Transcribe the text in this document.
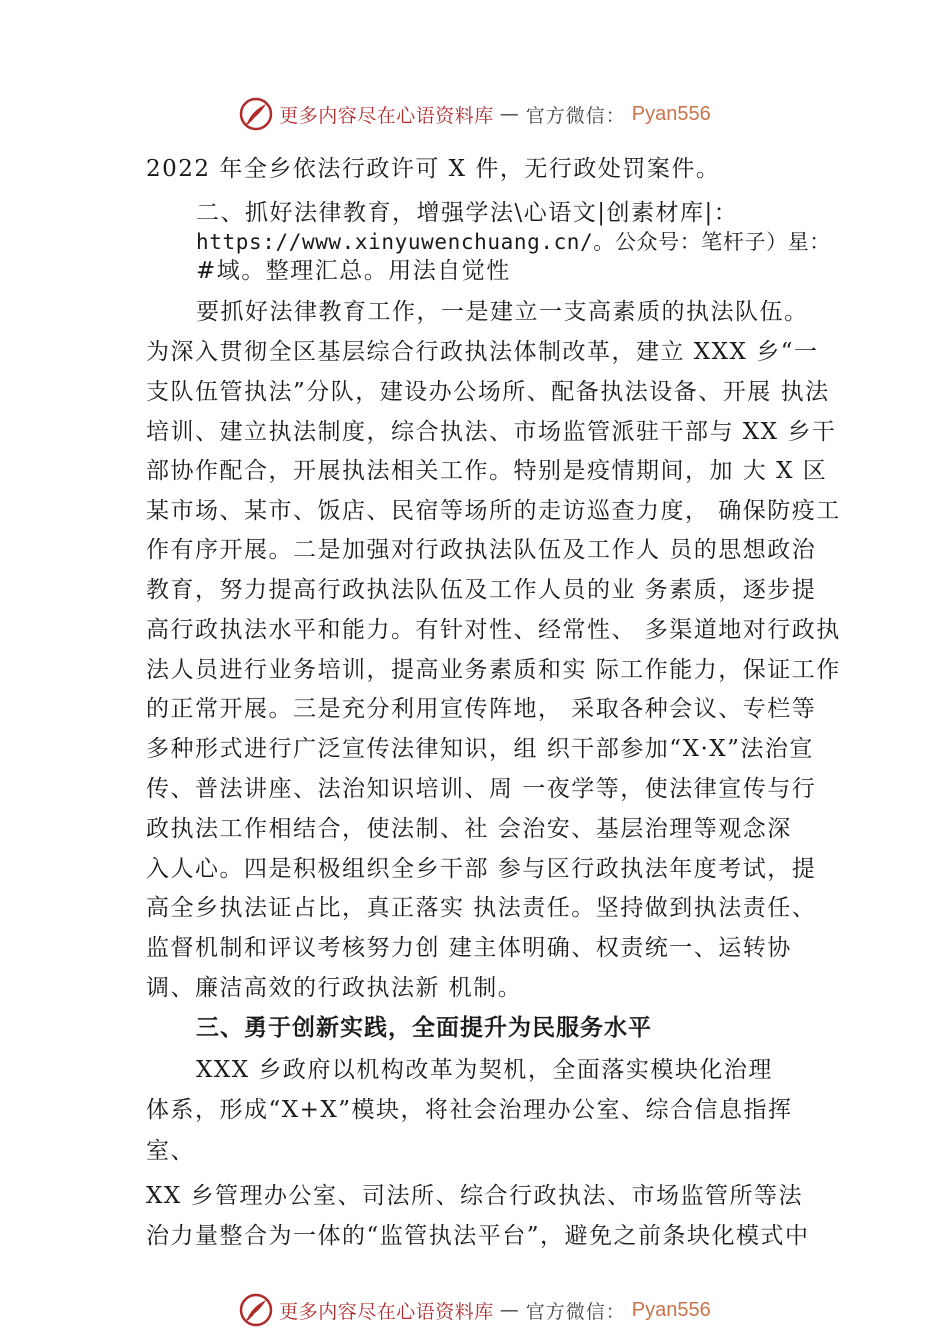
更多内容尽在心语资料库 — 官方微信： Pyan556
2022 年全乡依法行政许可 X 件，无行政处罚案件。
二、抓好法律教育，增强学法\心语文|创素材库|：
https://www.xinyuwenchuang.cn/。公众号：笔杆子）星：
#域。整理汇总。用法自觉性
要抓好法律教育工作，一是建立一支高素质的执法队伍。
为深入贯彻全区基层综合行政执法体制改革，建立 XXX 乡“一
支队伍管执法”分队，建设办公场所、配备执法设备、开展 执法
培训、建立执法制度，综合执法、市场监管派驻干部与 XX 乡干
部协作配合，开展执法相关工作。特别是疫情期间，加 大 X 区
某市场、某市、饭店、民宿等场所的走访巡查力度， 确保防疫工
作有序开展。二是加强对行政执法队伍及工作人 员的思想政治
教育，努力提高行政执法队伍及工作人员的业 务素质，逐步提
高行政执法水平和能力。有针对性、经常性、 多渠道地对行政执
法人员进行业务培训，提高业务素质和实 际工作能力，保证工作
的正常开展。三是充分利用宣传阵地， 采取各种会议、专栏等
多种形式进行广泛宣传法律知识，组 织干部参加“X·X”法治宣
传、普法讲座、法治知识培训、周 一夜学等，使法律宣传与行
政执法工作相结合，使法制、社 会治安、基层治理等观念深
入人心。四是积极组织全乡干部 参与区行政执法年度考试，提
高全乡执法证占比，真正落实 执法责任。坚持做到执法责任、
监督机制和评议考核努力创 建主体明确、权责统一、运转协
调、廉洁高效的行政执法新 机制。
三、勇于创新实践，全面提升为民服务水平
XXX 乡政府以机构改革为契机，全面落实模块化治理
体系，形成“X+X”模块，将社会治理办公室、综合信息指挥
室、
XX 乡管理办公室、司法所、综合行政执法、市场监管所等法
治力量整合为一体的“监管执法平台”，避免之前条块化模式中
更多内容尽在心语资料库 — 官方微信： Pyan556
